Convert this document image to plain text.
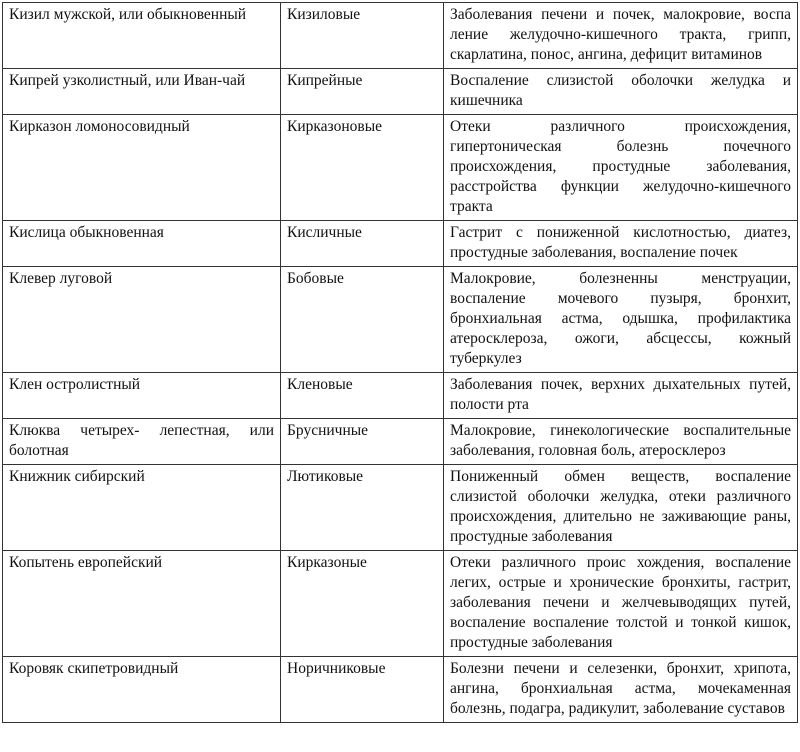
Кизил мужской, или обыкновенный	Кизиловые	Заболевания печени и почек, малокровие, воспа ление желудочно-кишечного тракта, грипп, скарлатина, понос, ангина, дефицит витаминов
Кипрей узколистный, или Иван-чай	Кипрейные	Воспаление слизистой оболочки желудка и кишечника
Кирказон ломоносовидный	Кирказоновые	Отеки различного происхождения, гипертоническая болезнь почечного происхождения, простудные заболевания, расстройства функции желудочно-кишечного тракта
Кислица обыкновенная	Кисличные	Гастрит с пониженной кислотностью, диатез, простудные заболевания, воспаление почек
Клевер луговой	Бобовые	Малокровие, болезненны менструации, воспаление мочевого пузыря, бронхит, бронхиальная астма, одышка, профилактика атеросклероза, ожоги, абсцессы, кожный туберкулез
Клен остролистный	Кленовые	Заболевания почек, верхних дыхательных путей, полости рта
Клюква четырех- лепестная, или болотная	Брусничные	Малокровие, гинекологические воспалительные заболевания, головная боль, атеросклероз
Книжник сибирский	Лютиковые	Пониженный обмен веществ, воспаление слизистой оболочки желудка, отеки различного происхождения, длительно не заживающие раны, простудные заболевания
Копытень европейский	Кирказоные	Отеки различного пpoиc хождения, воспаление легих, острые и хронические бронхиты, гастрит, заболевания печени и желчевыводящих путей, воспаление воспаление толстой и тонкой кишок, простудные заболевания
Коровяк скипетровидный	Норичниковые	Болезни печени и селезенки, бронхит, хрипота, ангина, бронхиальная астма, мочекаменная болезнь, подагра, радикулит, заболевание суставов
